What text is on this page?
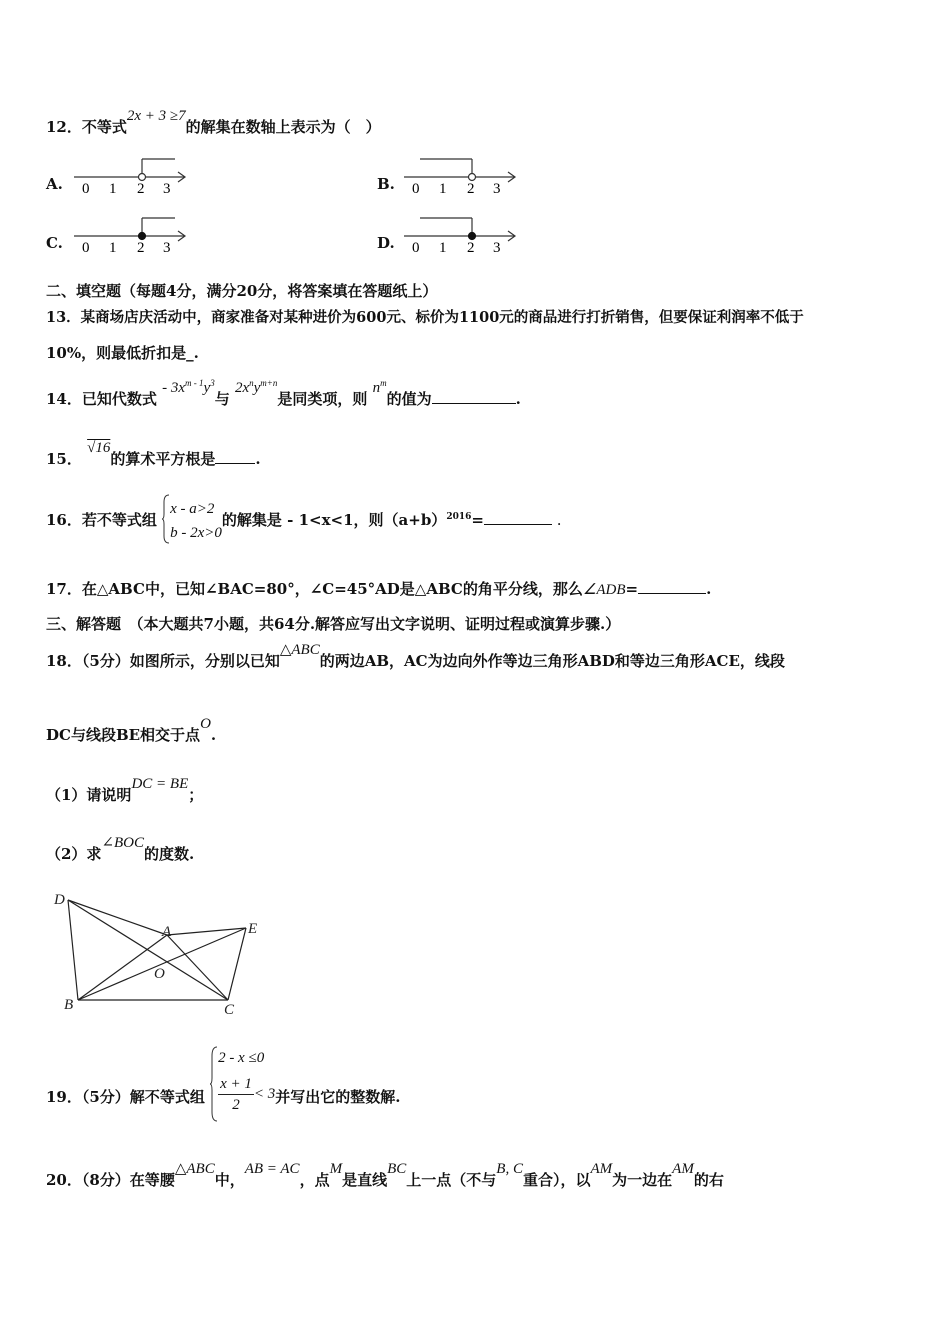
12．不等式2x + 3 ≥7的解集在数轴上表示为（　）
A. 0 1 2 3	B. 0 1 2 3
C. 0 1 2 3	D. 0 1 2 3
二、填空题（每题4分，满分20分，将答案填在答题纸上）
13．某商场店庆活动中，商家准备对某种进价为600元、标价为1100元的商品进行打折销售，但要保证利润率不低于
10%，则最低折扣是_.
14．已知代数式 - $3x^{m - 1}y^3$与 $2x^ny^{m+n}$是同类项，则 $n^m$的值为	.
15． √16的算术平方根是	.
16．若不等式组
x - a>2
b - 2x>0
的解集是 - 1<x<1，则$(a+b)^{2016}=$	.
17．在△ABC中，已知∠BAC=80°，∠C=45°AD是△ABC的角平分线，那么∠ADB=	.
三、解答题　（本大题共7小题，共64分.解答应写出文字说明、证明过程或演算步骤.）
18．（5分）如图所示，分别以已知△ABC的两边AB，AC为边向外作等边三角形ABD和等边三角形ACE，线段
DC与线段BE相交于点O.
（1）请说明DC = BE；
（2）求∠BOC的度数.
D
A	E
O
B	C
19．（5分）解不等式组
2 - x ≤0
$\frac{x + 1}{2} < 3$并写出它的整数解.
20．（8分）在等腰△ABC中，AB = AC，点M是直线BC上一点（不与B, C重合），以AM为一边在AM的右
